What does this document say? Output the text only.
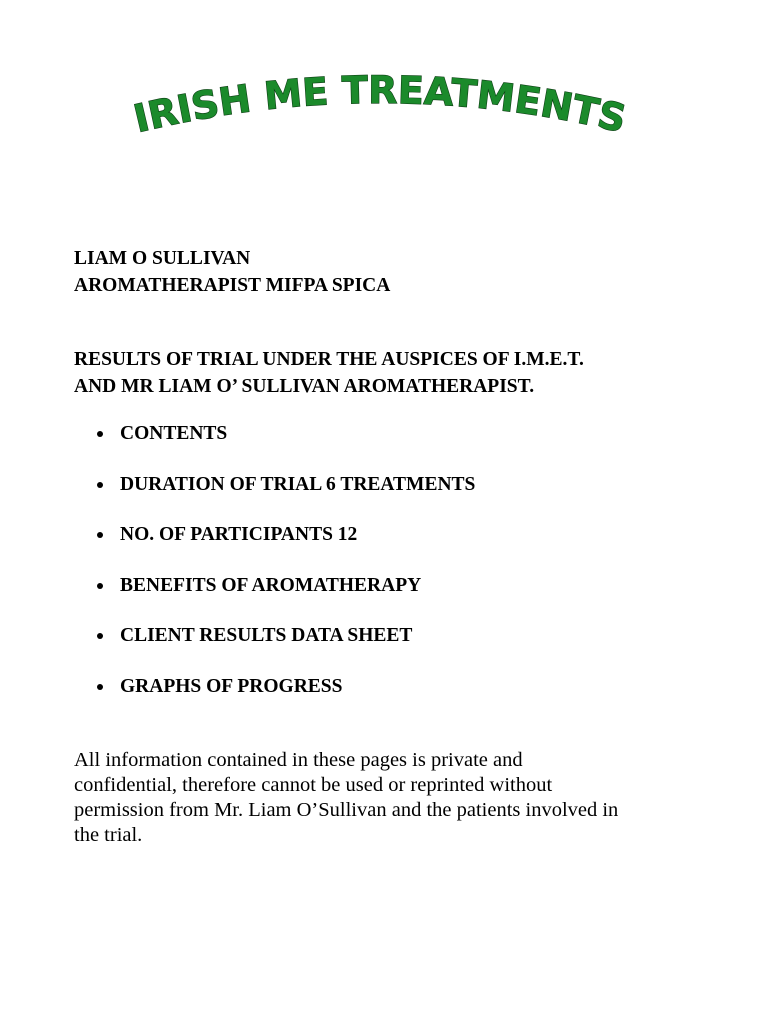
IRISH ME TREATMENTS
LIAM O SULLIVAN
AROMATHERAPIST MIFPA SPICA
RESULTS OF TRIAL UNDER THE AUSPICES OF I.M.E.T.
AND MR LIAM O’ SULLIVAN AROMATHERAPIST.
CONTENTS
DURATION OF TRIAL 6 TREATMENTS
NO. OF PARTICIPANTS 12
BENEFITS OF AROMATHERAPY
CLIENT RESULTS DATA SHEET
GRAPHS OF PROGRESS
All information contained in these pages is private and
confidential, therefore cannot be used or reprinted without
permission from Mr. Liam O’Sullivan and the patients involved in
the trial.
